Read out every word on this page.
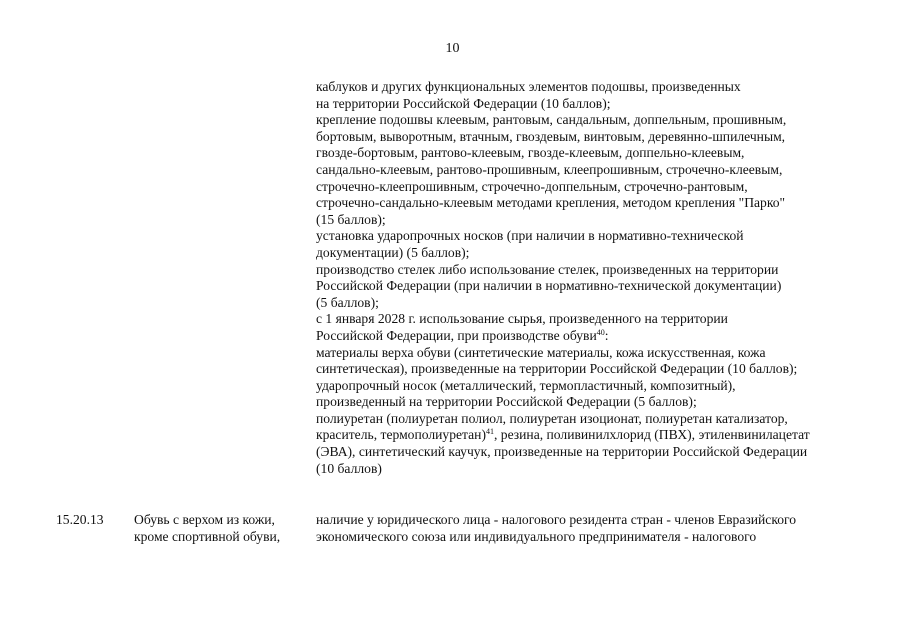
10
каблуков и других функциональных элементов подошвы, произведенных
на территории Российской Федерации (10 баллов);
крепление подошвы клеевым, рантовым, сандальным, доппельным, прошивным,
бортовым, выворотным, втачным, гвоздевым, винтовым, деревянно-шпилечным,
гвозде-бортовым, рантово-клеевым, гвозде-клеевым, доппельно-клеевым,
сандально-клеевым, рантово-прошивным, клеепрошивным, строчечно-клеевым,
строчечно-клеепрошивным, строчечно-доппельным, строчечно-рантовым,
строчечно-сандально-клеевым методами крепления, методом крепления "Парко"
(15 баллов);
установка ударопрочных носков (при наличии в нормативно-технической
документации) (5 баллов);
производство стелек либо использование стелек, произведенных на территории
Российской Федерации (при наличии в нормативно-технической документации)
(5 баллов);
с 1 января 2028 г. использование сырья, произведенного на территории
Российской Федерации, при производстве обуви$^{40}$:
материалы верха обуви (синтетические материалы, кожа искусственная, кожа
синтетическая), произведенные на территории Российской Федерации (10 баллов);
ударопрочный носок (металлический, термопластичный, композитный),
произведенный на территории Российской Федерации (5 баллов);
полиуретан (полиуретан полиол, полиуретан изоционат, полиуретан катализатор,
краситель, термополиуретан)$^{41}$, резина, поливинилхлорид (ПВХ), этиленвинилацетат
(ЭВА), синтетический каучук, произведенные на территории Российской Федерации
(10 баллов)
15.20.13 Обувь с верхом из кожи,
кроме спортивной обуви,
наличие у юридического лица - налогового резидента стран - членов Евразийского
экономического союза или индивидуального предпринимателя - налогового
